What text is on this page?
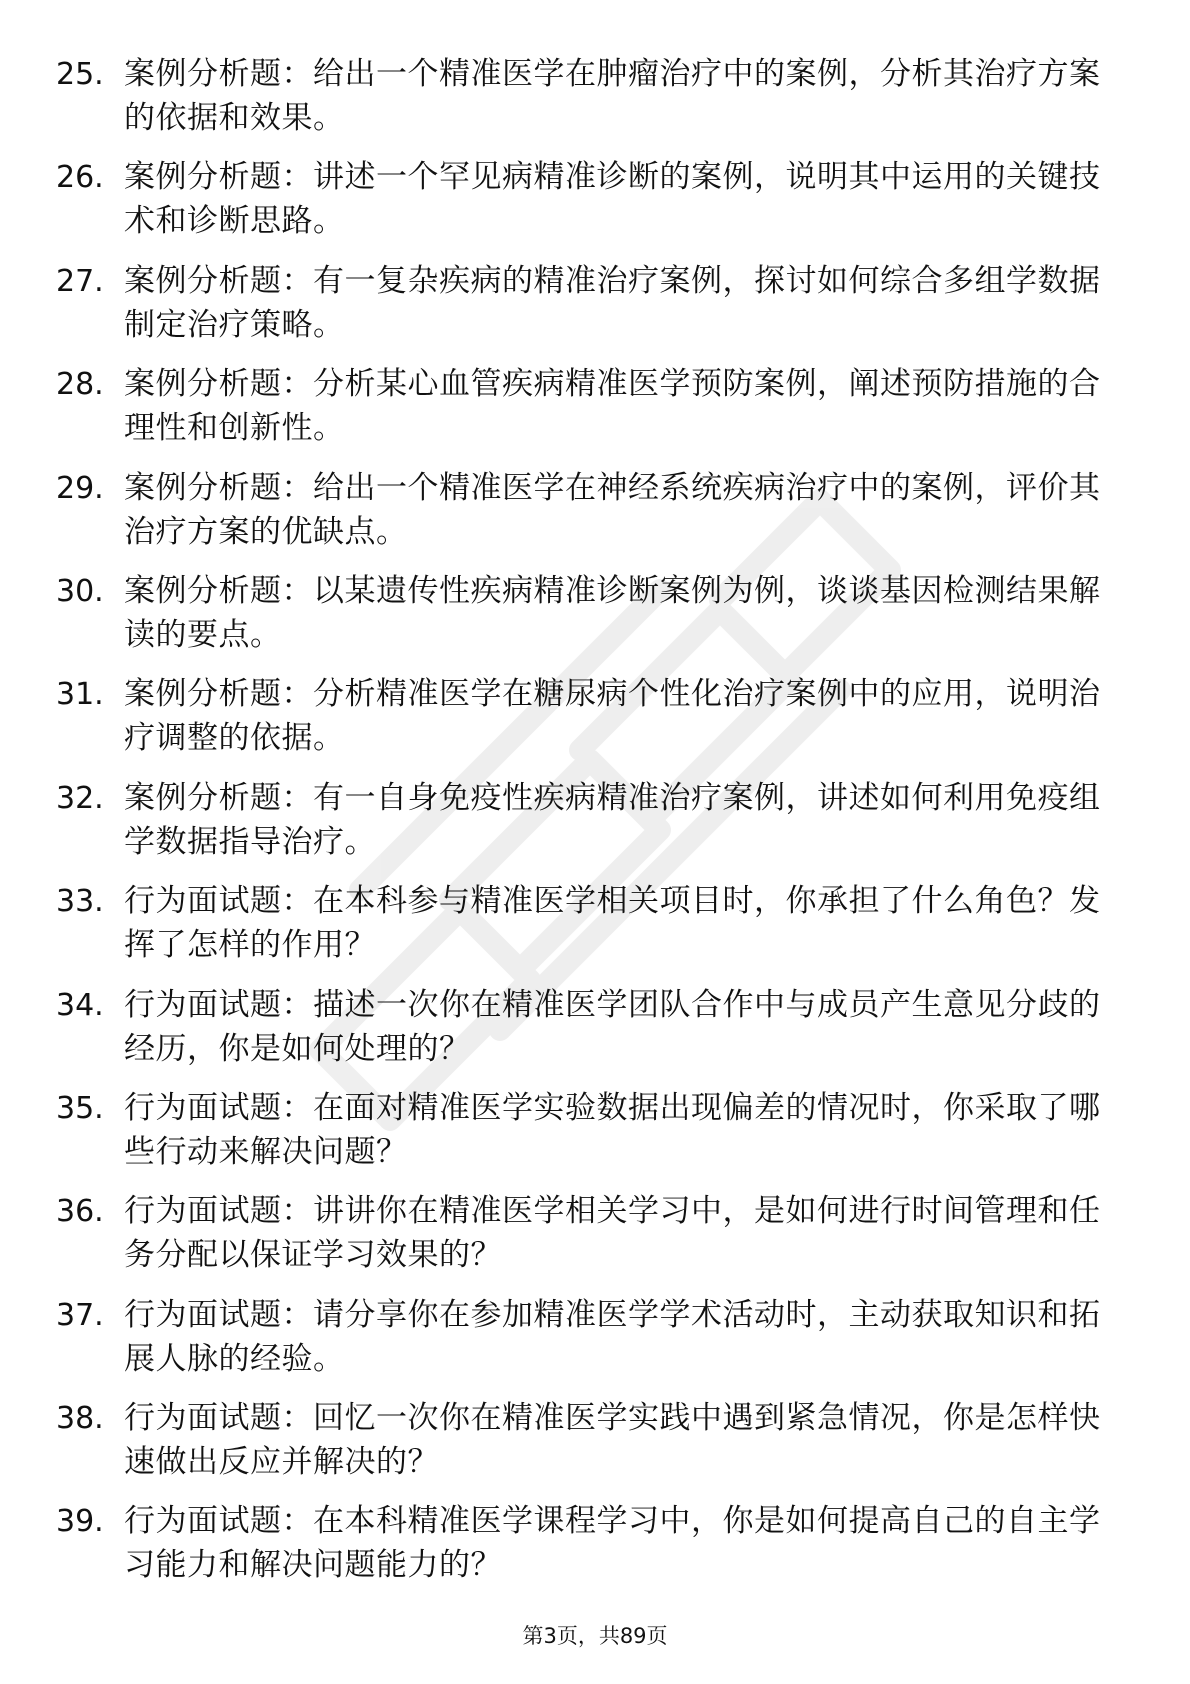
25. 案例分析题：给出一个精准医学在肿瘤治疗中的案例，分析其治疗方案的依据和效果。
26. 案例分析题：讲述一个罕见病精准诊断的案例，说明其中运用的关键技术和诊断思路。
27. 案例分析题：有一复杂疾病的精准治疗案例，探讨如何综合多组学数据制定治疗策略。
28. 案例分析题：分析某心血管疾病精准医学预防案例，阐述预防措施的合理性和创新性。
29. 案例分析题：给出一个精准医学在神经系统疾病治疗中的案例，评价其治疗方案的优缺点。
30. 案例分析题：以某遗传性疾病精准诊断案例为例，谈谈基因检测结果解读的要点。
31. 案例分析题：分析精准医学在糖尿病个性化治疗案例中的应用，说明治疗调整的依据。
32. 案例分析题：有一自身免疫性疾病精准治疗案例，讲述如何利用免疫组学数据指导治疗。
33. 行为面试题：在本科参与精准医学相关项目时，你承担了什么角色？发挥了怎样的作用？
34. 行为面试题：描述一次你在精准医学团队合作中与成员产生意见分歧的经历，你是如何处理的？
35. 行为面试题：在面对精准医学实验数据出现偏差的情况时，你采取了哪些行动来解决问题？
36. 行为面试题：讲讲你在精准医学相关学习中，是如何进行时间管理和任务分配以保证学习效果的？
37. 行为面试题：请分享你在参加精准医学学术活动时，主动获取知识和拓展人脉的经验。
38. 行为面试题：回忆一次你在精准医学实践中遇到紧急情况，你是怎样快速做出反应并解决的？
39. 行为面试题：在本科精准医学课程学习中，你是如何提高自己的自主学习能力和解决问题能力的？
第3页，共89页
